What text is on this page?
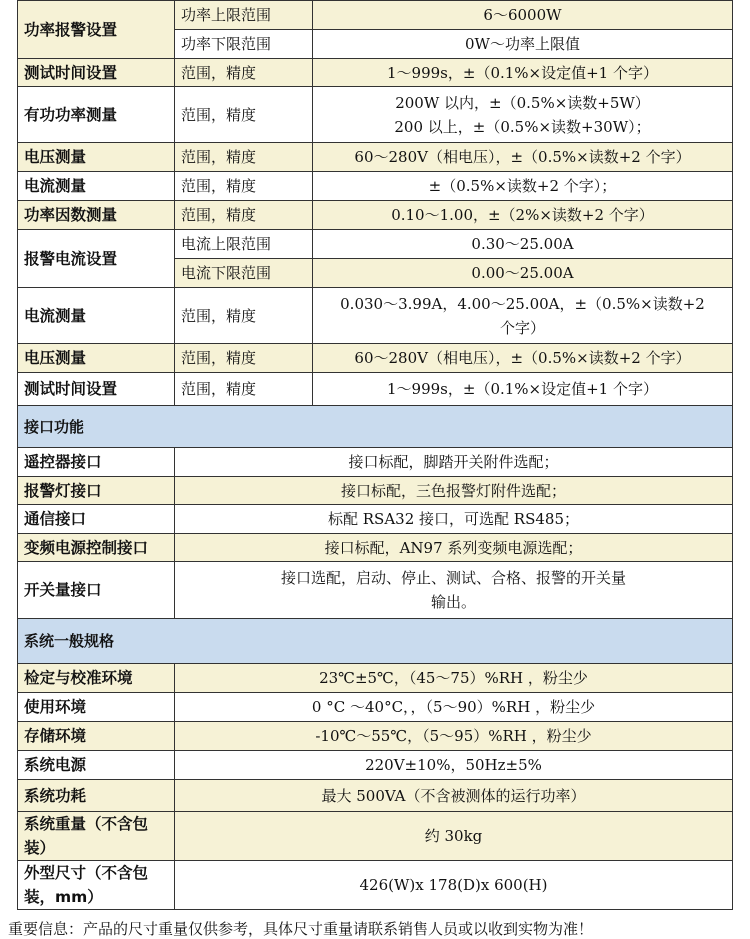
功率报警设置	功率上限范围	6～6000W
	功率下限范围	0W～功率上限值
测试时间设置	范围，精度	1～999s，±（0.1%×设定值+1 个字）
有功功率测量	范围，精度	200W 以内，±（0.5%×读数+5W）
200 以上，±（0.5%×读数+30W）；

电压测量	范围，精度	60～280V（相电压），±（0.5%×读数+2 个字）
电流测量	范围，精度	±（0.5%×读数+2 个字）；
功率因数测量	范围，精度	0.10～1.00，±（2%×读数+2 个字）
报警电流设置	电流上限范围	0.30～25.00A
	电流下限范围	0.00～25.00A
电流测量	范围，精度	0.030～3.99A，4.00～25.00A，±（0.5%×读数+2
个字）

电压测量	范围，精度	60～280V（相电压），±（0.5%×读数+2 个字）
测试时间设置	范围，精度	1～999s，±（0.1%×设定值+1 个字）
接口功能		
遥控器接口	接口标配，脚踏开关附件选配；	
报警灯接口	接口标配，三色报警灯附件选配；	
通信接口	标配 RSA32 接口，可选配 RS485；	
变频电源控制接口	接口标配，AN97 系列变频电源选配；	
开关量接口	接口选配，启动、停止、测试、合格、报警的开关量
输出。	

系统一般规格		
检定与校准环境	23℃±5℃，（45～75）%RH ，粉尘少	
使用环境	0 °C ～40°C，，（5～90）%RH ，粉尘少	
存储环境	-10℃～55℃，（5～95）%RH ，粉尘少	
系统电源	220V±10%，50Hz±5%	
系统功耗	最大 500VA（不含被测体的运行功率）	
系统重量（不含包装）	约 30kg	
外型尺寸（不含包装，mm）	426(W)x 178(D)x 600(H)	
重要信息：产品的尺寸重量仅供参考，具体尺寸重量请联系销售人员或以收到实物为准！
